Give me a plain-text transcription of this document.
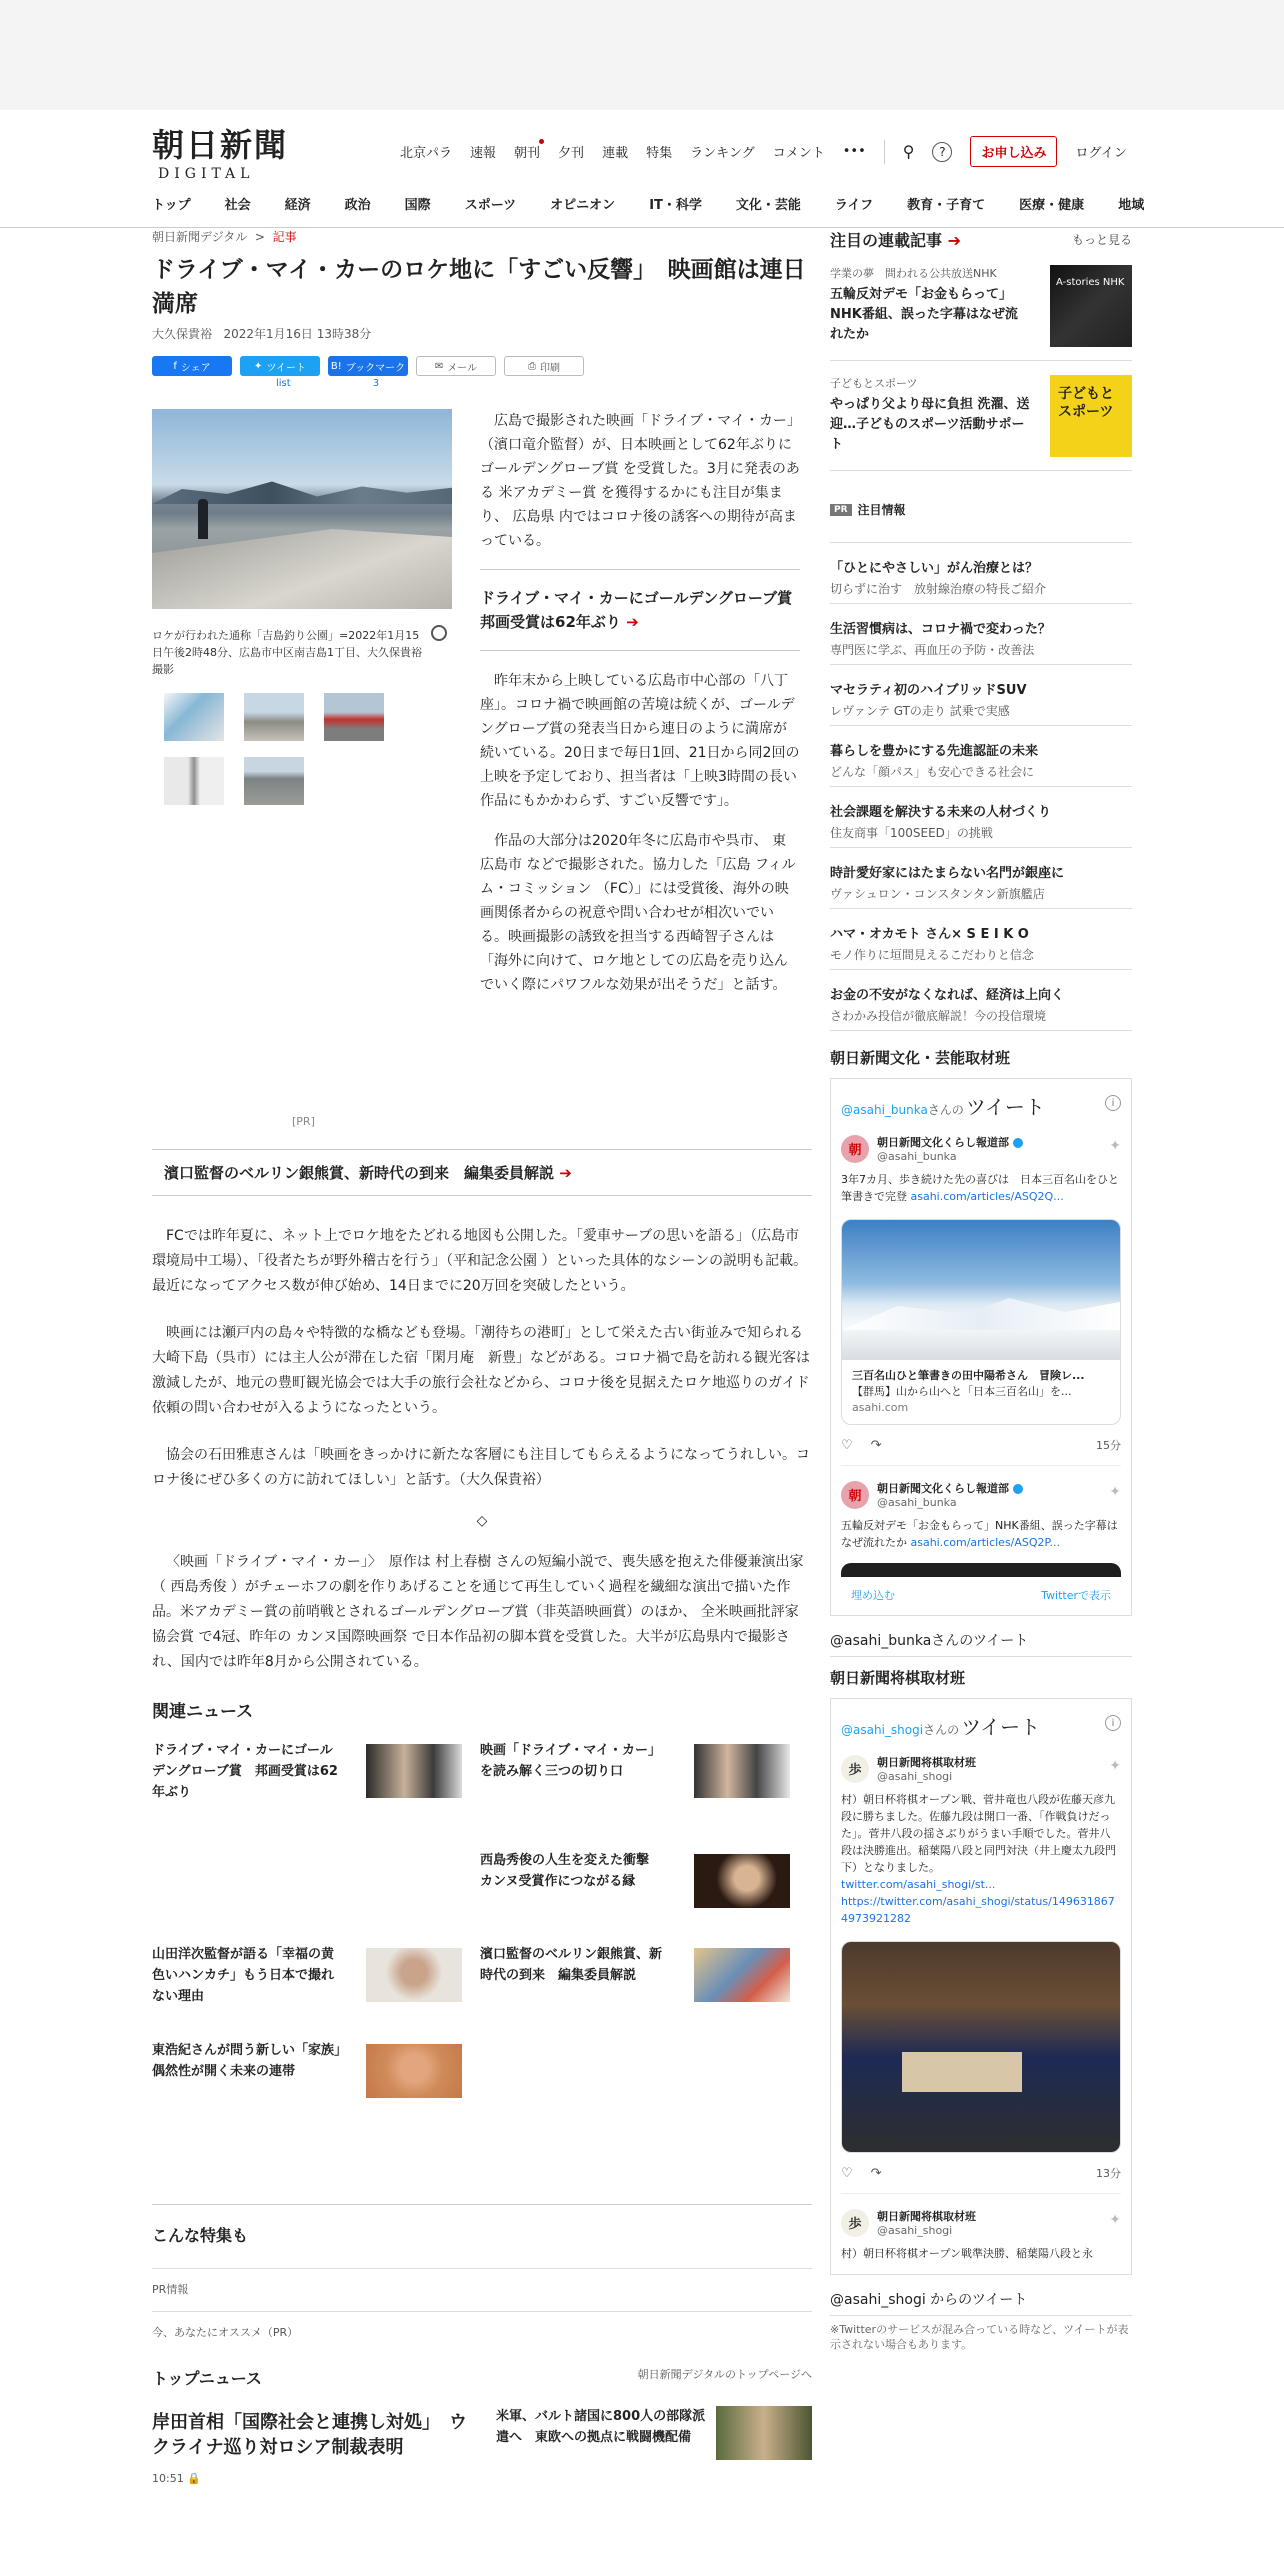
朝日新聞
DIGITAL
北京パラ 速報 朝刊 夕刊 連載 特集 ランキング コメント ••• ⚲	?	お申し込み	ログイン
トップ	社会	経済	政治	国際	スポーツ	オピニオン	IT・科学	文化・芸能	ライフ	教育・子育て	医療・健康	地域
朝日新聞デジタル  >  記事
ドライブ・マイ・カーのロケ地に「すごい反響」　映画館は連日満席
大久保貴裕 2022年1月16日 13時38分
f シェア	✦ ツイート B! ブックマーク	✉ メール	⎙ 印刷
list	3
ロケが行われた通称「吉島釣り公園」=2022年1月15日午後2時48分、広島市中区南吉島1丁目、大久保貴裕撮影
[PR]

広島で撮影された映画「ドライブ・マイ・カー」（濱口竜介監督）が、日本映画として62年ぶりに ゴールデングローブ賞 を受賞した。3月に発表のある 米アカデミー賞 を獲得するかにも注目が集まり、 広島県 内ではコロナ後の誘客への期待が高まっている。

ドライブ・マイ・カーにゴールデングローブ賞　邦画受賞は62年ぶり ➔

昨年末から上映している広島市中心部の「八丁座」。コロナ禍で映画館の苦境は続くが、ゴールデングローブ賞の発表当日から連日のように満席が続いている。20日まで毎日1回、21日から同2回の上映を予定しており、担当者は「上映3時間の長い作品にもかかわらず、すごい反響です」。

作品の大部分は2020年冬に広島市や呉市、 東広島市 などで撮影された。協力した「広島 フィルム・コミッション （FC）」には受賞後、海外の映画関係者からの祝意や問い合わせが相次いでいる。映画撮影の誘致を担当する西崎智子さんは「海外に向けて、ロケ地としての広島を売り込んでいく際にパワフルな効果が出そうだ」と話す。

濱口監督のベルリン銀熊賞、新時代の到来　編集委員解説 ➔

FCでは昨年夏に、ネット上でロケ地をたどれる地図も公開した。「愛車サーブの思いを語る」（広島市環境局中工場）、「役者たちが野外稽古を行う」（平和記念公園 ）といった具体的なシーンの説明も記載。最近になってアクセス数が伸び始め、14日までに20万回を突破したという。

映画には瀬戸内の島々や特徴的な橋なども登場。「潮待ちの港町」として栄えた古い街並みで知られる大崎下島（呉市）には主人公が滞在した宿「閑月庵　新豊」などがある。コロナ禍で島を訪れる観光客は激減したが、地元の豊町観光協会では大手の旅行会社などから、コロナ後を見据えたロケ地巡りのガイド依頼の問い合わせが入るようになったという。

協会の石田雅恵さんは「映画をきっかけに新たな客層にも注目してもらえるようになってうれしい。コロナ後にぜひ多くの方に訪れてほしい」と話す。（大久保貴裕）

◇

〈映画「ドライブ・マイ・カー」〉　原作は 村上春樹 さんの短編小説で、喪失感を抱えた俳優兼演出家（ 西島秀俊 ）がチェーホフの劇を作りあげることを通じて再生していく過程を繊細な演出で描いた作品。米アカデミー賞の前哨戦とされるゴールデングローブ賞（非英語映画賞）のほか、 全米映画批評家協会賞 で4冠、昨年の カンヌ国際映画祭 で日本作品初の脚本賞を受賞した。大半が広島県内で撮影され、国内では昨年8月から公開されている。

関連ニュース
ドライブ・マイ・カーにゴールデングローブ賞　邦画受賞は62年ぶり
映画「ドライブ・マイ・カー」を読み解く三つの切り口
西島秀俊の人生を変えた衝撃　カンヌ受賞作につながる縁
山田洋次監督が語る「幸福の黄色いハンカチ」もう日本で撮れない理由
濱口監督のベルリン銀熊賞、新時代の到来　編集委員解説
東浩紀さんが問う新しい「家族」　偶然性が開く未来の連帯
こんな特集も
PR情報
今、あなたにオススメ（PR）
トップニュース	朝日新聞デジタルのトップページへ
岸田首相「国際社会と連携し対処」　ウクライナ巡り対ロシア制裁表明
10:51 🔒
米軍、バルト諸国に800人の部隊派遣へ　東欧への拠点に戦闘機配備
注目の連載記事 ➔	もっと見る
学業の夢　問われる公共放送NHK
五輪反対デモ「お金もらって」NHK番組、誤った字幕はなぜ流れたか
A-stories NHK
子どもとスポーツ
やっぱり父より母に負担 洗濯、送迎…子どものスポーツ活動サポート
子どもとスポーツ
PR 注目情報
「ひとにやさしい」がん治療とは？
切らずに治す　放射線治療の特長ご紹介
生活習慣病は、コロナ禍で変わった？
専門医に学ぶ、再血圧の予防・改善法
マセラティ初のハイブリッドSUV
レヴァンテ GTの走り 試乗で実感
暮らしを豊かにする先進認証の未来
どんな「顔パス」も安心できる社会に
社会課題を解決する未来の人材づくり
住友商事「100SEED」の挑戦
時計愛好家にはたまらない名門が銀座に
ヴァシュロン・コンスタンタン新旗艦店
ハマ・オカモト さん× S E I K O
モノ作りに垣間見えるこだわりと信念
お金の不安がなくなれば、経済は上向く
さわかみ投信が徹底解説！今の投信環境
朝日新聞文化・芸能取材班
@asahi_bunka さんの ツイート	i
朝
朝日新聞文化くらし報道部
@asahi_bunka
✦
3年7カ月、歩き続けた先の喜びは　日本三百名山をひと筆書きで完登 asahi.com/articles/ASQ2Q...
三百名山ひと筆書きの田中陽希さん　冒険レ...
【群馬】山から山へと「日本三百名山」を...
asahi.com
♡ ↷	15分
朝
朝日新聞文化くらし報道部
@asahi_bunka
✦
五輪反対デモ「お金もらって」NHK番組、誤った字幕はなぜ流れたか asahi.com/articles/ASQ2P...
埋め込む	Twitterで表示
@asahi_bunkaさんのツイート
朝日新聞将棋取材班
@asahi_shogi さんの ツイート	i
歩
朝日新聞将棋取材班
@asahi_shogi
✦
村）朝日杯将棋オープン戦、菅井竜也八段が佐藤天彦九段に勝ちました。佐藤九段は開口一番、「作戦負けだった」。菅井八段の揺さぶりがうまい手順でした。菅井八段は決勝進出。稲葉陽八段と同門対決（井上慶太九段門下）となりました。
twitter.com/asahi_shogi/st...
https://twitter.com/asahi_shogi/status/1496318674973921282
♡ ↷	13分
歩
朝日新聞将棋取材班
@asahi_shogi
✦
村）朝日杯将棋オープン戦準決勝、稲葉陽八段と永
@asahi_shogi からのツイート
※Twitterのサービスが混み合っている時など、ツイートが表示されない場合もあります。
